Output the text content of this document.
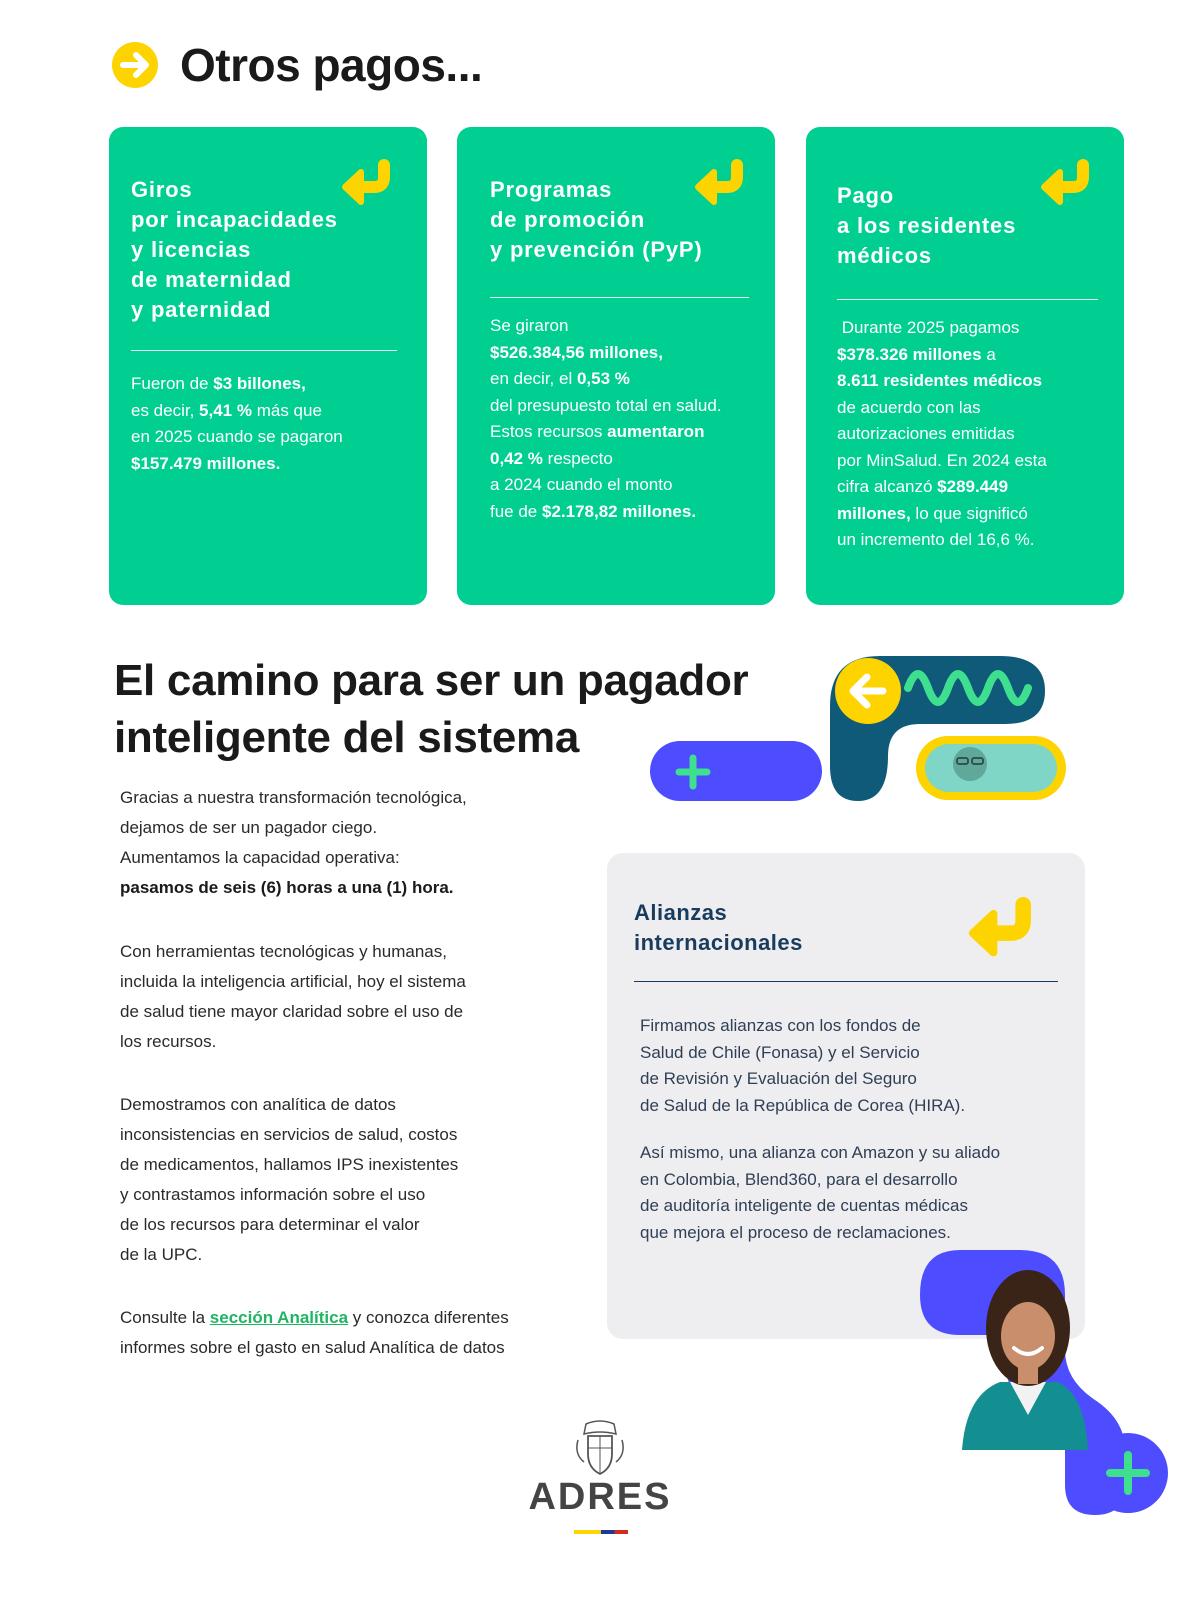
Otros pagos...
Giros
por incapacidades
y licencias
de maternidad
y paternidad

Fueron de $3 billones,
es decir, 5,41 % más que
en 2025 cuando se pagaron
$157.479 millones.

Programas
de promoción
y prevención (PyP)

Se giraron
$526.384,56 millones,
en decir, el 0,53 %
del presupuesto total en salud.
Estos recursos aumentaron
0,42 % respecto
a 2024 cuando el monto
fue de $2.178,82 millones.

Pago
a los residentes
médicos

Durante 2025 pagamos
$378.326 millones a
8.611 residentes médicos
de acuerdo con las
autorizaciones emitidas
por MinSalud. En 2024 esta
cifra alcanzó $289.449
millones, lo que significó
un incremento del 16,6 %.

El camino para ser un pagador
inteligente del sistema

Gracias a nuestra transformación tecnológica,
dejamos de ser un pagador ciego.
Aumentamos la capacidad operativa:
pasamos de seis (6) horas a una (1) hora.

Con herramientas tecnológicas y humanas,
incluida la inteligencia artificial, hoy el sistema
de salud tiene mayor claridad sobre el uso de
los recursos.

Demostramos con analítica de datos
inconsistencias en servicios de salud, costos
de medicamentos, hallamos IPS inexistentes
y contrastamos información sobre el uso
de los recursos para determinar el valor
de la UPC.

Consulte la sección Analítica y conozca diferentes
informes sobre el gasto en salud Analítica de datos

Alianzas
internacionales

Firmamos alianzas con los fondos de
Salud de Chile (Fonasa) y el Servicio
de Revisión y Evaluación del Seguro
de Salud de la República de Corea (HIRA).

Así mismo, una alianza con Amazon y su aliado
en Colombia, Blend360, para el desarrollo
de auditoría inteligente de cuentas médicas
que mejora el proceso de reclamaciones.

ADRES
